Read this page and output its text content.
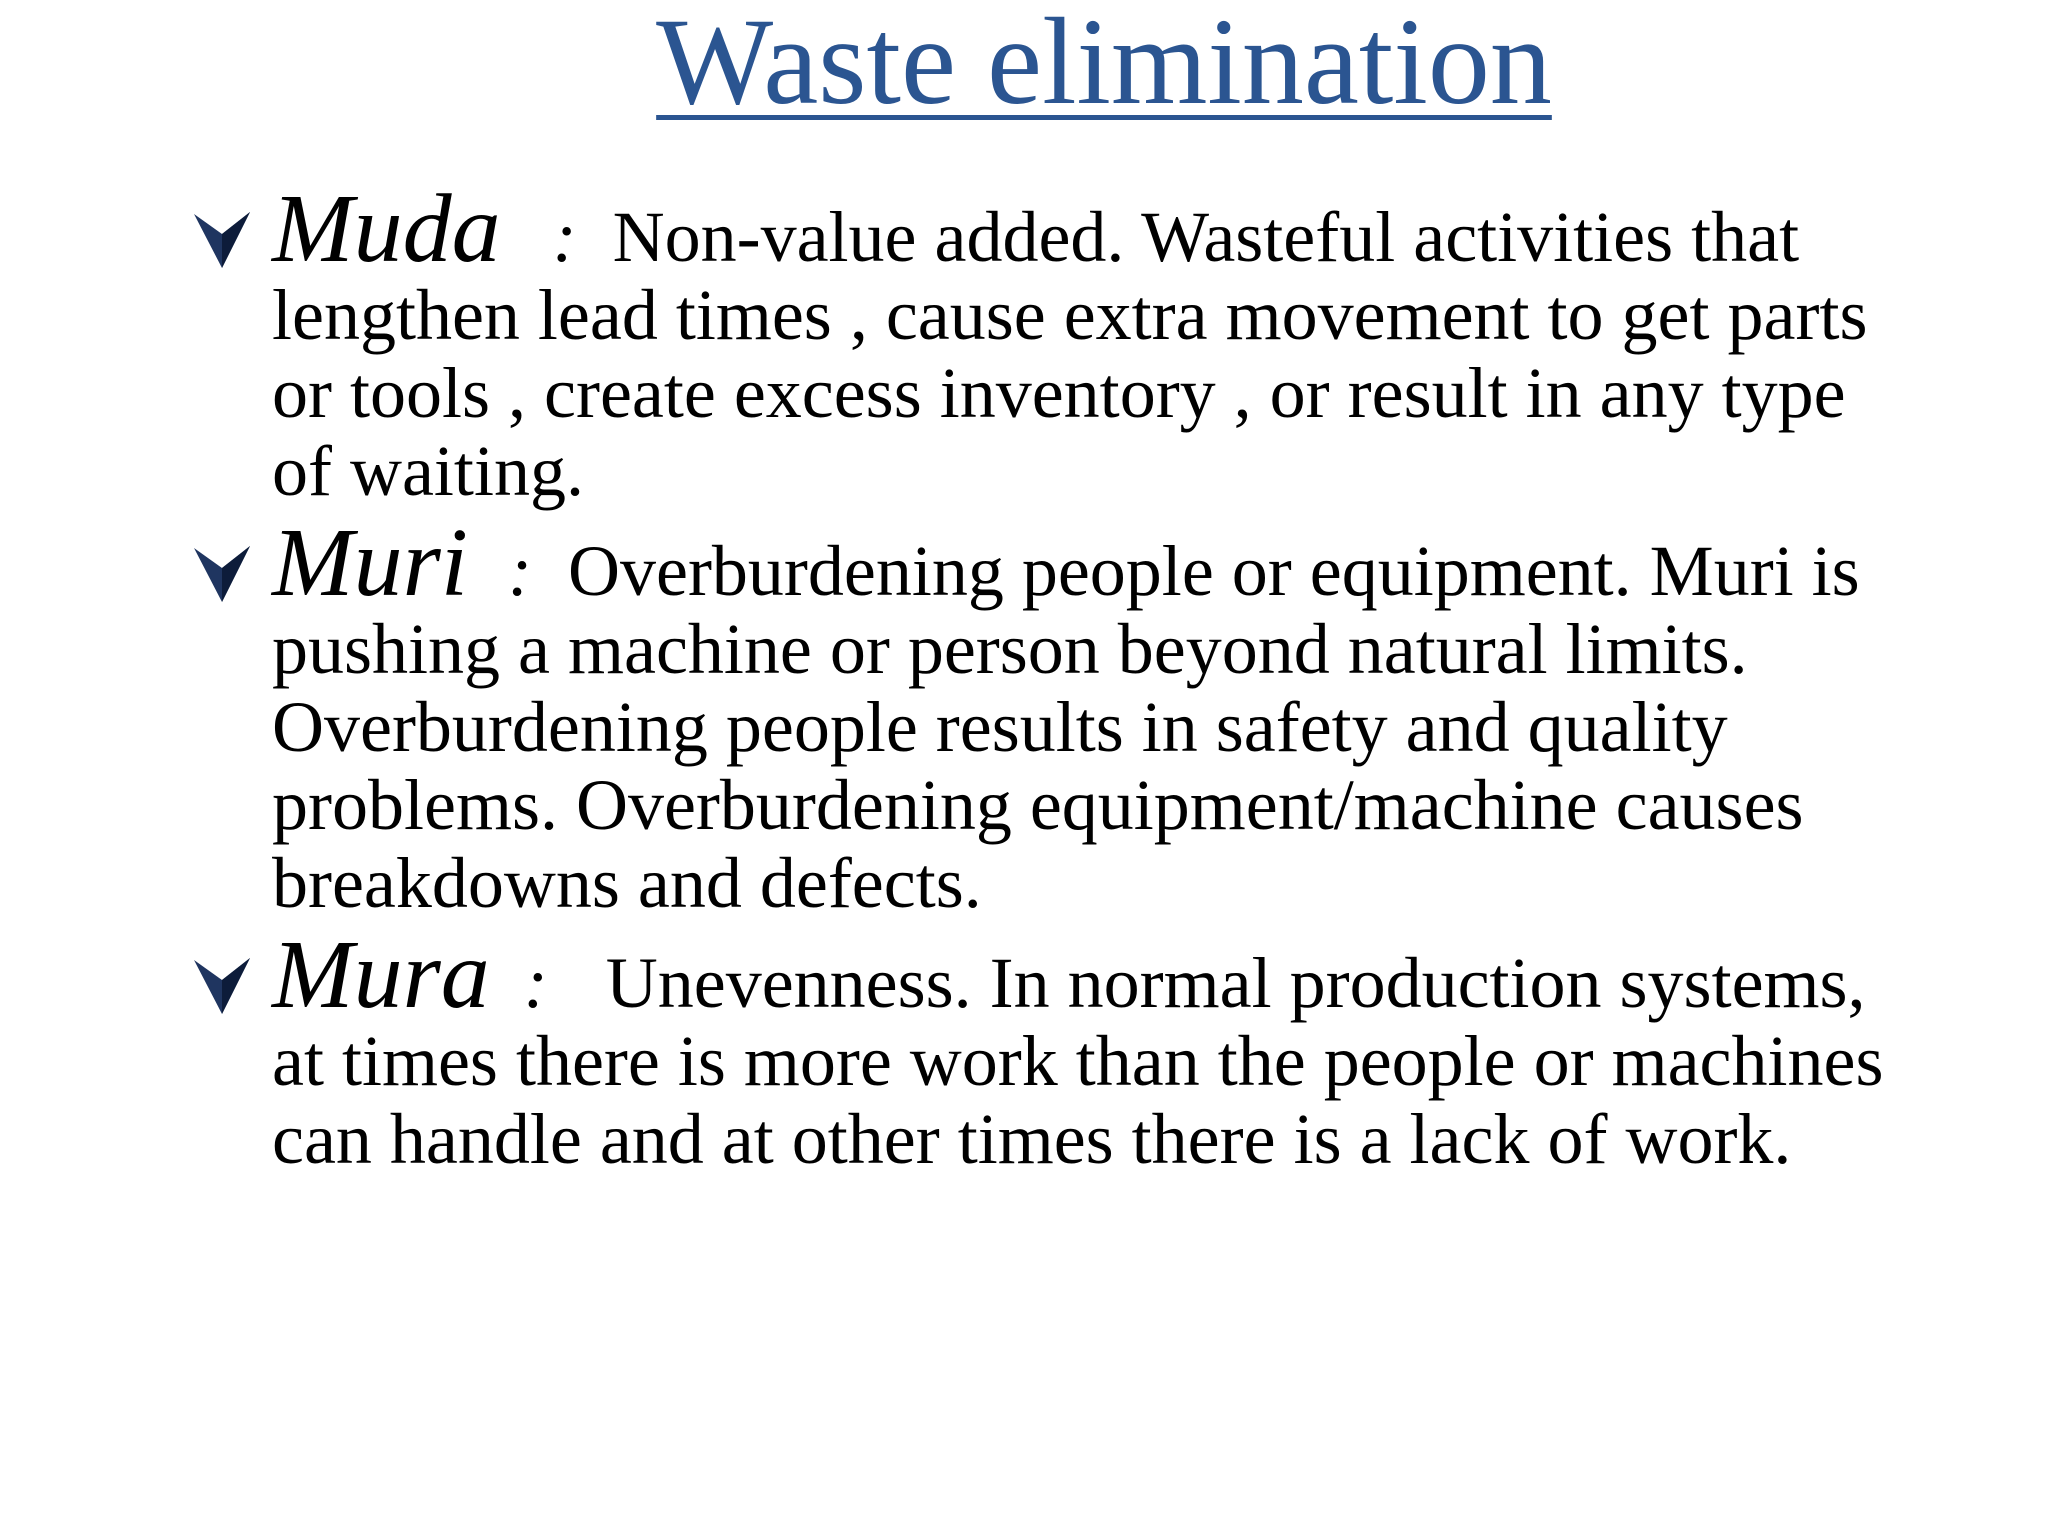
Waste elimination
Muda : Non-value added. Wasteful activities that lengthen lead times , cause extra movement to get parts or tools , create excess inventory , or result in any type of waiting.
Muri : Overburdening people or equipment. Muri is pushing a machine or person beyond natural limits. Overburdening people results in safety and quality problems. Overburdening equipment/machine causes breakdowns and defects.
Mura : Unevenness. In normal production systems, at times there is more work than the people or machines can handle and at other times there is a lack of work.
